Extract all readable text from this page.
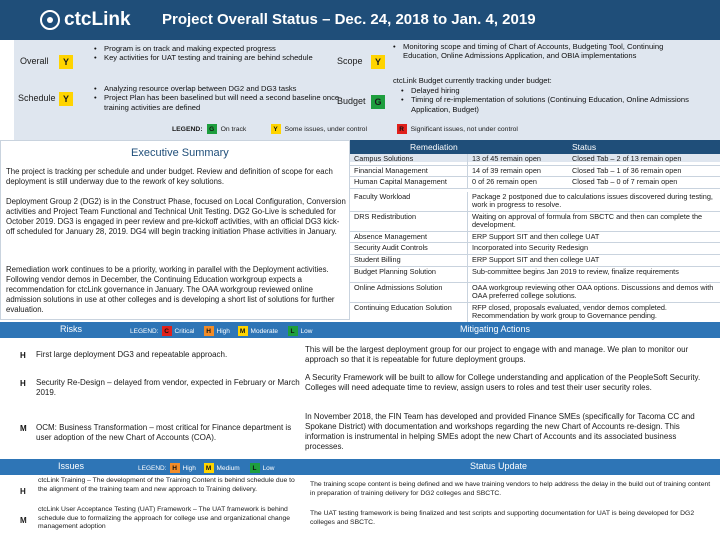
ctcLink Project Overall Status – Dec. 24, 2018 to Jan. 4, 2019
Overall	Y
• Program is on track and making expected progress
• Key activities for UAT testing and training are behind schedule
Schedule Y
• Analyzing resource overlap between DG2 and DG3 tasks
• Project Plan has been baselined but will need a second baseline once training activities are defined
Scope	Y
• Monitoring scope and timing of Chart of Accounts, Budgeting Tool, Continuing Education, Online Admissions Application, and OBIA implementations
Budget G
ctcLink Budget currently tracking under budget:
• Delayed hiring
• Timing of re-implementation of solutions (Continuing Education, Online Admissions Application, Budget)
LEGEND: G On track	Y	Some issues, under control	R Significant issues, not under control
Executive Summary
The project is tracking per schedule and under budget. Review and definition of scope for each deployment is still underway due to the rework of key solutions.
Deployment Group 2 (DG2) is in the Construct Phase, focused on Local Configuration, Conversion activities and Project Team Functional and Technical Unit Testing. DG2 Go-Live is scheduled for October 2019. DG3 is engaged in peer review and pre-kickoff activities, with an official DG3 kick-off scheduled for January 28, 2019. DG4 will begin tracking initiation Phase activities in January.
Remediation work continues to be a priority, working in parallel with the Deployment activities. Following vendor demos in December, the Continuing Education workgroup expects a recommendation for ctcLink governance in January. The OAA workgroup reviewed online admission solutions in use at other colleges and is developing a short list of solutions for further evaluation.
Remediation	Status
Campus Solutions	13 of 45 remain open	Closed Tab – 2 of 13 remain open
Financial Management	14 of 39 remain open	Closed Tab – 1 of 36 remain open
Human Capital Management	0 of 26 remain open	Closed Tab – 0 of 7 remain open
Faculty Workload	Package 2 postponed due to calculations issues discovered during testing, work in progress to resolve.
DRS Redistribution	Waiting on approval of formula from SBCTC and then can complete the development.
Absence Management	ERP Support SIT and then college UAT
Security Audit Controls	Incorporated into Security Redesign
Student Billing	ERP Support SIT and then college UAT
Budget Planning Solution	Sub-committee begins Jan 2019 to review, finalize requirements
Online Admissions Solution	OAA workgroup reviewing other OAA options. Discussions and demos with OAA preferred college solutions.
Continuing Education Solution	RFP closed, proposals evaluated, vendor demos completed. Recommendation by work group to Governance pending.
Risks	LEGEND: C Critical	H High	M Moderate	L Low	Mitigating Actions
H First large deployment DG3 and repeatable approach.
This will be the largest deployment group for our project to engage with and manage. We plan to monitor our approach so that it is repeatable for future deployment groups.
H Security Re-Design – delayed from vendor, expected in February or March 2019.
A Security Framework will be built to allow for College understanding and application of the PeopleSoft Security. Colleges will need adequate time to review, assign users to roles and test their user security roles.
M OCM: Business Transformation – most critical for Finance department is user adoption of the new Chart of Accounts (COA).
In November 2018, the FIN Team has developed and provided Finance SMEs (specifically for Tacoma CC and Spokane District) with documentation and workshops regarding the new Chart of Accounts re-design. This information is instrumental in helping SMEs adopt the new Chart of Accounts and its associated business processes.
Issues	LEGEND: H High	M Medium	L Low	Status Update
H
ctcLink Training – The development of the Training Content is behind schedule due to the alignment of the training team and new approach to Training delivery.
The training scope content is being defined and we have training vendors to help address the delay in the build out of training content in preparation of training delivery for DG2 colleges and SBCTC.
M
ctcLink User Acceptance Testing (UAT) Framework – The UAT framework is behind schedule due to formalizing the approach for college use and organizational change management adoption
The UAT testing framework is being finalized and test scripts and supporting documentation for UAT is being developed for DG2 colleges and SBCTC.
